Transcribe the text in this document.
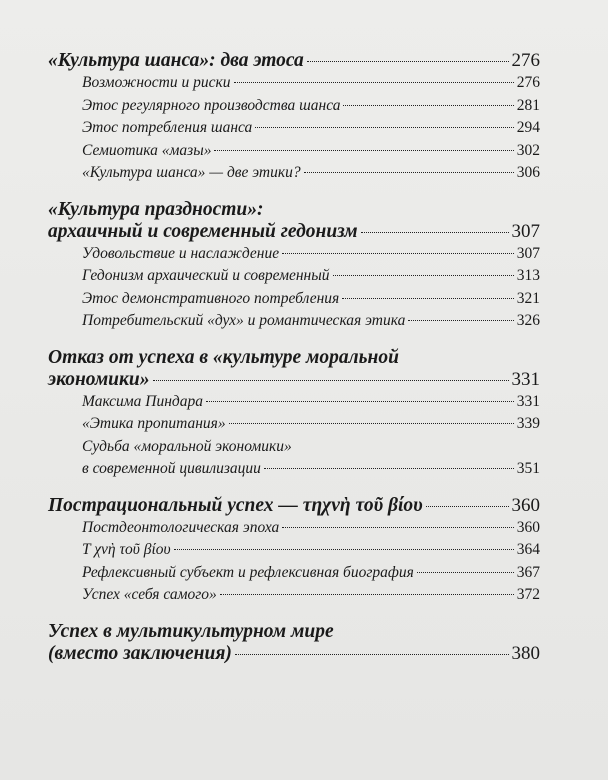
«Культура шанса»: два этоса	276
Возможности и риски	276
Этос регулярного производства шанса	281
Этос потребления шанса	294
Семиотика «мазы»	302
«Культура шанса» — две этики?	306
«Культура праздности»:
архаичный и современный гедонизм	307
Удовольствие и наслаждение	307
Гедонизм архаический и современный	313
Этос демонстративного потребления	321
Потребительский «дух» и романтическая этика	326
Отказ от успеха в «культуре моральной
экономики»	331
Максима Пиндара	331
«Этика пропитания»	339
Судьба «моральной экономики»
в современной цивилизации	351
Пострациональный успех — τηχνὴ τοῦ βίου	360
Постдеонтологическая эпоха	360
Τ χνὴ τοῦ βίου	364
Рефлексивный субъект и рефлексивная биография	367
Успех «себя самого»	372
Успех в мультикультурном мире
(вместо заключения)	380
